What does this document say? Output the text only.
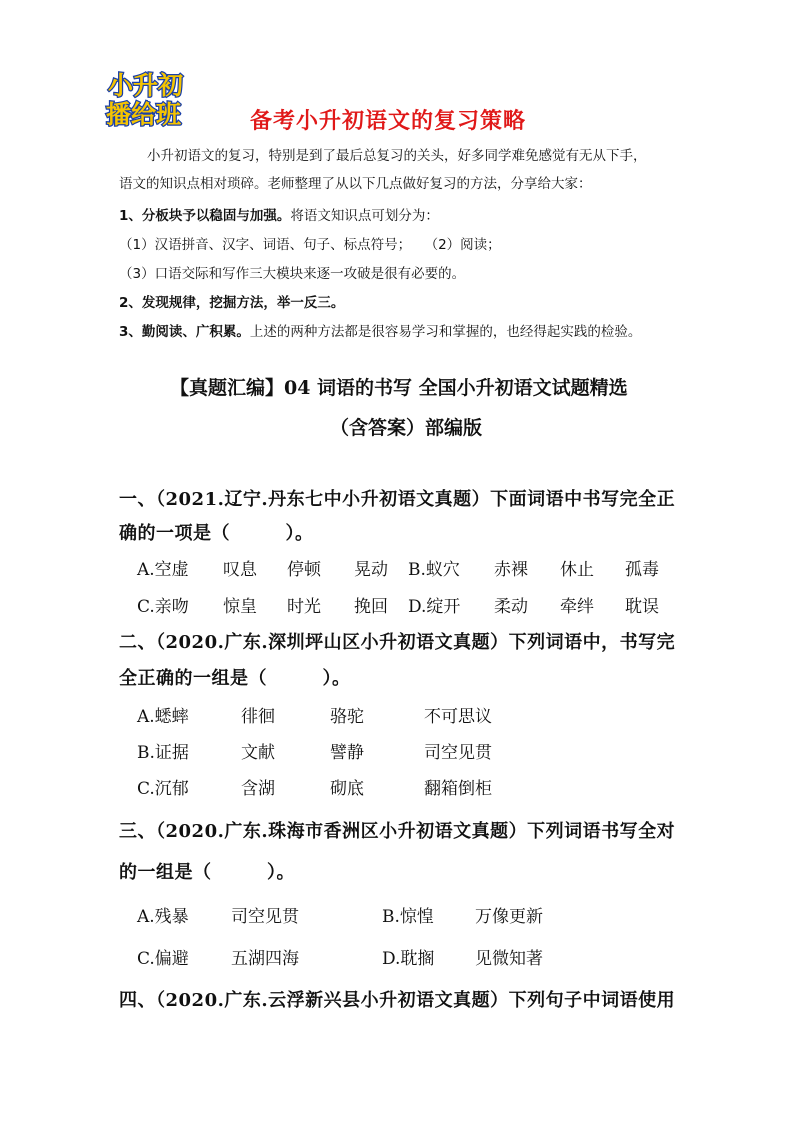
小升初
播给班	备考小升初语文的复习策略
小升初语文的复习，特别是到了最后总复习的关头，好多同学难免感觉有无从下手，
语文的知识点相对琐碎。老师整理了从以下几点做好复习的方法，分享给大家：
1、分板块予以稳固与加强。将语文知识点可划分为：
（1）汉语拼音、汉字、词语、句子、标点符号；　　（2）阅读；
（3）口语交际和写作三大模块来逐一攻破是很有必要的。
2、发现规律，挖掘方法，举一反三。
3、勤阅读、广积累。上述的两种方法都是很容易学习和掌握的，也经得起实践的检验。
【真题汇编】04 词语的书写 全国小升初语文试题精选
（含答案）部编版
一、（2021.辽宁.丹东七中小升初语文真题）下面词语中书写完全正
确的一项是（　　　）。
A.空虚 叹息 停顿 晃动 B.蚁穴 赤裸 休止 孤毒
C.亲吻 惊皇 时光 挽回 D.绽开 柔动 牵绊 耽误
二、（2020.广东.深圳坪山区小升初语文真题）下列词语中，书写完
全正确的一组是（　　　）。
A.蟋蟀	徘徊	骆驼	不可思议
B.证据	文献	譬静	司空见贯
C.沉郁	含湖	砌底	翻箱倒柜
三、（2020.广东.珠海市香洲区小升初语文真题）下列词语书写全对
的一组是（　　　）。
A.残暴 司空见贯	B.惊惶 万像更新
C.偏避 五湖四海	D.耽搁 见微知著
四、（2020.广东.云浮新兴县小升初语文真题）下列句子中词语使用
